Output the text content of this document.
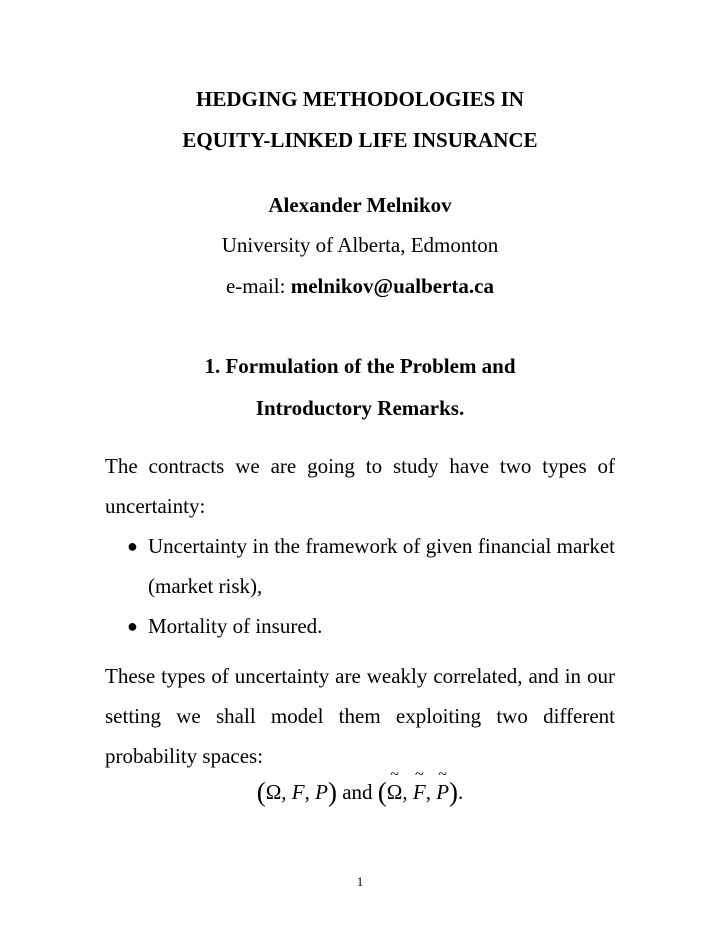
HEDGING METHODOLOGIES IN
EQUITY-LINKED LIFE INSURANCE
Alexander Melnikov
University of Alberta, Edmonton
e-mail: melnikov@ualberta.ca
1. Formulation of the Problem and
Introductory Remarks.
The contracts we are going to study have two types of uncertainty:
● Uncertainty in the framework of given financial market (market risk),
● Mortality of insured.
These types of uncertainty are weakly correlated, and in our setting we shall model them exploiting two different probability spaces:
(Ω, F, P) and (~ Ω, ~ F, ~ P).
1
